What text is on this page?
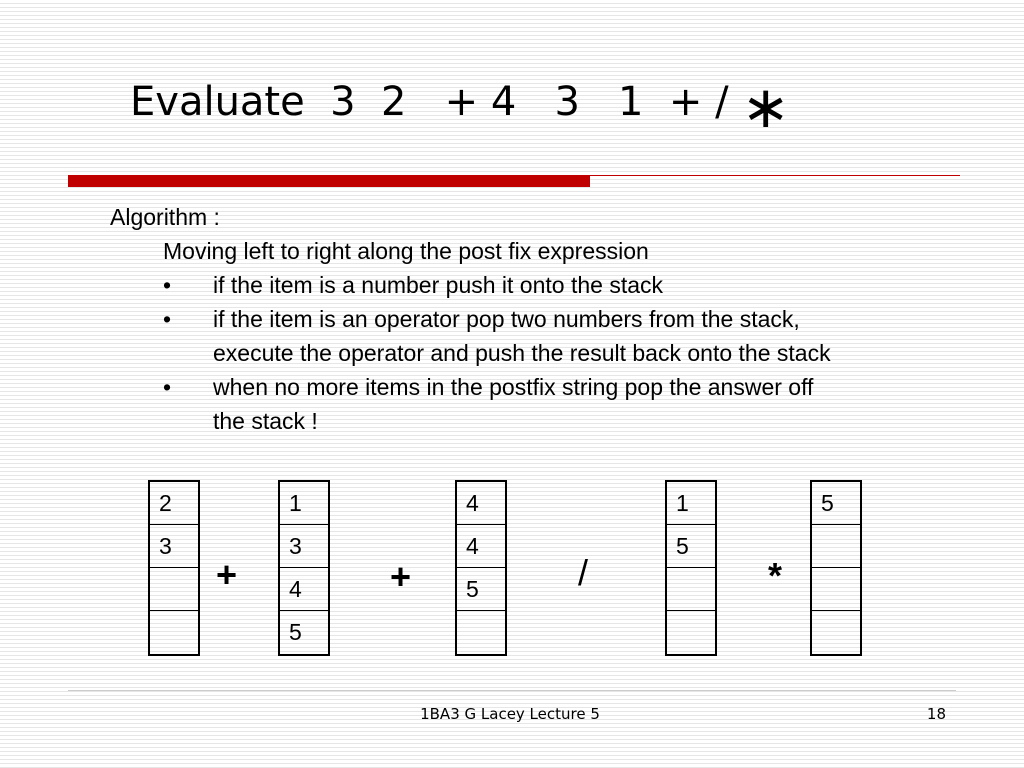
Evaluate  3  2   + 4   3   1  + / ∗
Algorithm :
Moving left to right along the post fix expression
•	if the item is a number push it onto the stack
•	if the item is an operator pop two numbers from the stack, execute the operator and push the result back onto the stack
•	when no more items in the postfix string pop the answer off the stack !
2
3
+
1
3
4
5
+
4
4
5	/
1
5
*
5
1BA3 G Lacey Lecture 5	18
